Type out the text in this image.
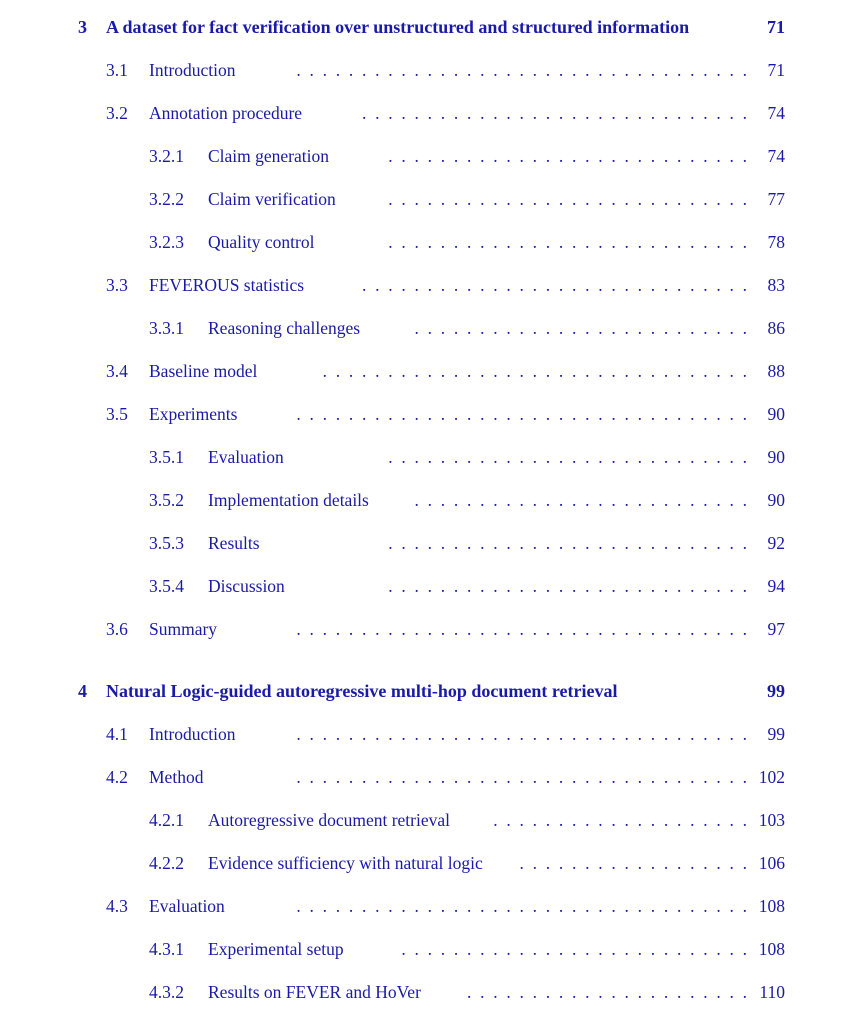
3 A dataset for fact verification over unstructured and structured information	71
3.1 Introduction	. . . . . . . . . . . . . . . . . . . . . . . . . . . . . . . . . . . 71
3.2 Annotation procedure	. . . . . . . . . . . . . . . . . . . . . . . . . . . . . . 74
3.2.1 Claim generation	. . . . . . . . . . . . . . . . . . . . . . . . . . . . 74
3.2.2 Claim verification	. . . . . . . . . . . . . . . . . . . . . . . . . . . . 77
3.2.3 Quality control	. . . . . . . . . . . . . . . . . . . . . . . . . . . . 78
3.3 FEVEROUS statistics	. . . . . . . . . . . . . . . . . . . . . . . . . . . . . . 83
3.3.1 Reasoning challenges	. . . . . . . . . . . . . . . . . . . . . . . . . . 86
3.4 Baseline model	. . . . . . . . . . . . . . . . . . . . . . . . . . . . . . . . . 88
3.5 Experiments	. . . . . . . . . . . . . . . . . . . . . . . . . . . . . . . . . . . 90
3.5.1 Evaluation	. . . . . . . . . . . . . . . . . . . . . . . . . . . . 90
3.5.2 Implementation details	. . . . . . . . . . . . . . . . . . . . . . . . . . 90
3.5.3 Results	. . . . . . . . . . . . . . . . . . . . . . . . . . . . 92
3.5.4 Discussion	. . . . . . . . . . . . . . . . . . . . . . . . . . . . 94
3.6 Summary	. . . . . . . . . . . . . . . . . . . . . . . . . . . . . . . . . . . 97
4 Natural Logic-guided autoregressive multi-hop document retrieval	99
4.1 Introduction	. . . . . . . . . . . . . . . . . . . . . . . . . . . . . . . . . . . 99
4.2 Method	. . . . . . . . . . . . . . . . . . . . . . . . . . . . . . . . . . . 102
4.2.1 Autoregressive document retrieval	. . . . . . . . . . . . . . . . . . . . 103
4.2.2 Evidence sufficiency with natural logic	. . . . . . . . . . . . . . . . . . 106
4.3 Evaluation	. . . . . . . . . . . . . . . . . . . . . . . . . . . . . . . . . . . 108
4.3.1 Experimental setup	. . . . . . . . . . . . . . . . . . . . . . . . . . . 108
4.3.2 Results on FEVER and HoVer	. . . . . . . . . . . . . . . . . . . . . . 110
